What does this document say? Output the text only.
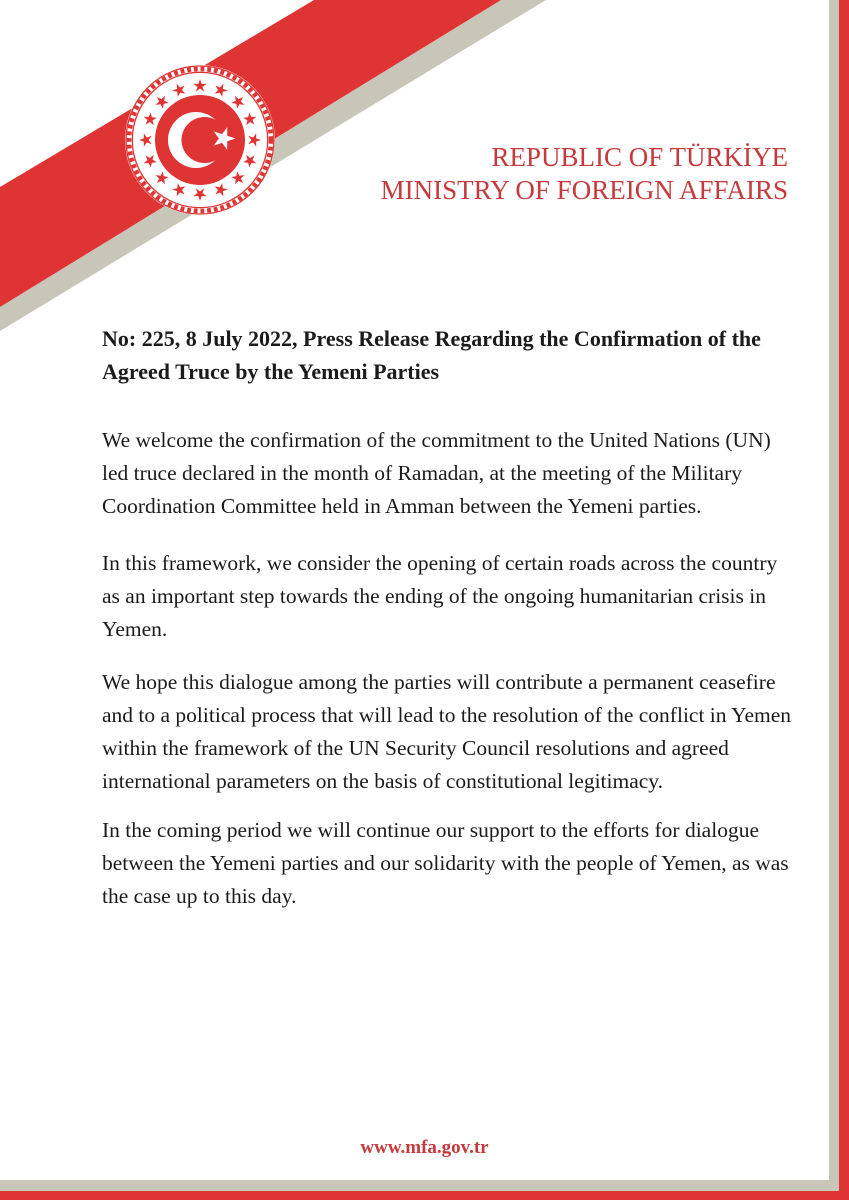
REPUBLIC OF TÜRKİYE
MINISTRY OF FOREIGN AFFAIRS
No: 225, 8 July 2022, Press Release Regarding the Confirmation of the
Agreed Truce by the Yemeni Parties
We welcome the confirmation of the commitment to the United Nations (UN)
led truce declared in the month of Ramadan, at the meeting of the Military
Coordination Committee held in Amman between the Yemeni parties.
In this framework, we consider the opening of certain roads across the country
as an important step towards the ending of the ongoing humanitarian crisis in
Yemen.
We hope this dialogue among the parties will contribute a permanent ceasefire
and to a political process that will lead to the resolution of the conflict in Yemen
within the framework of the UN Security Council resolutions and agreed
international parameters on the basis of constitutional legitimacy.
In the coming period we will continue our support to the efforts for dialogue
between the Yemeni parties and our solidarity with the people of Yemen, as was
the case up to this day.
www.mfa.gov.tr
